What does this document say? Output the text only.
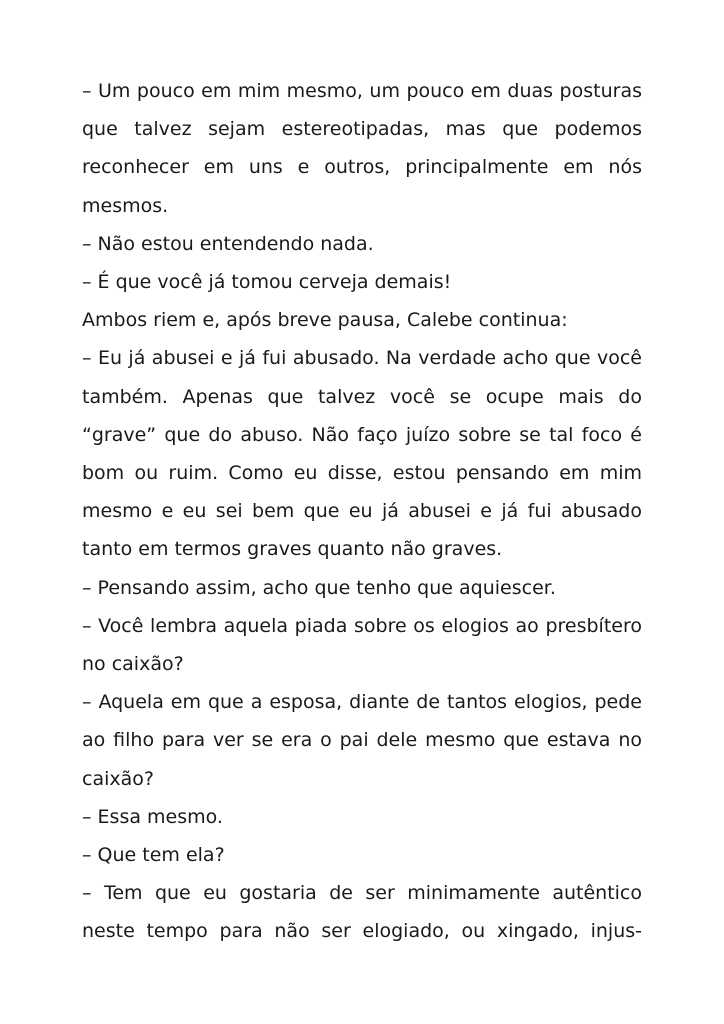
– Um pouco em mim mesmo, um pouco em duas posturas que talvez sejam estereotipadas, mas que podemos reconhecer em uns e outros, principalmente em nós mesmos.

– Não estou entendendo nada.

– É que você já tomou cerveja demais!

Ambos riem e, após breve pausa, Calebe continua:

– Eu já abusei e já fui abusado. Na verdade acho que você também. Apenas que talvez você se ocupe mais do “grave” que do abuso. Não faço juízo sobre se tal foco é bom ou ruim. Como eu disse, estou pensando em mim mesmo e eu sei bem que eu já abusei e já fui abusado tanto em termos graves quanto não graves.

– Pensando assim, acho que tenho que aquiescer.

– Você lembra aquela piada sobre os elogios ao presbítero no caixão?

– Aquela em que a esposa, diante de tantos elogios, pede ao filho para ver se era o pai dele mesmo que estava no caixão?

– Essa mesmo.

– Que tem ela?

– Tem que eu gostaria de ser minimamente autêntico neste tempo para não ser elogiado, ou xingado, injus-
